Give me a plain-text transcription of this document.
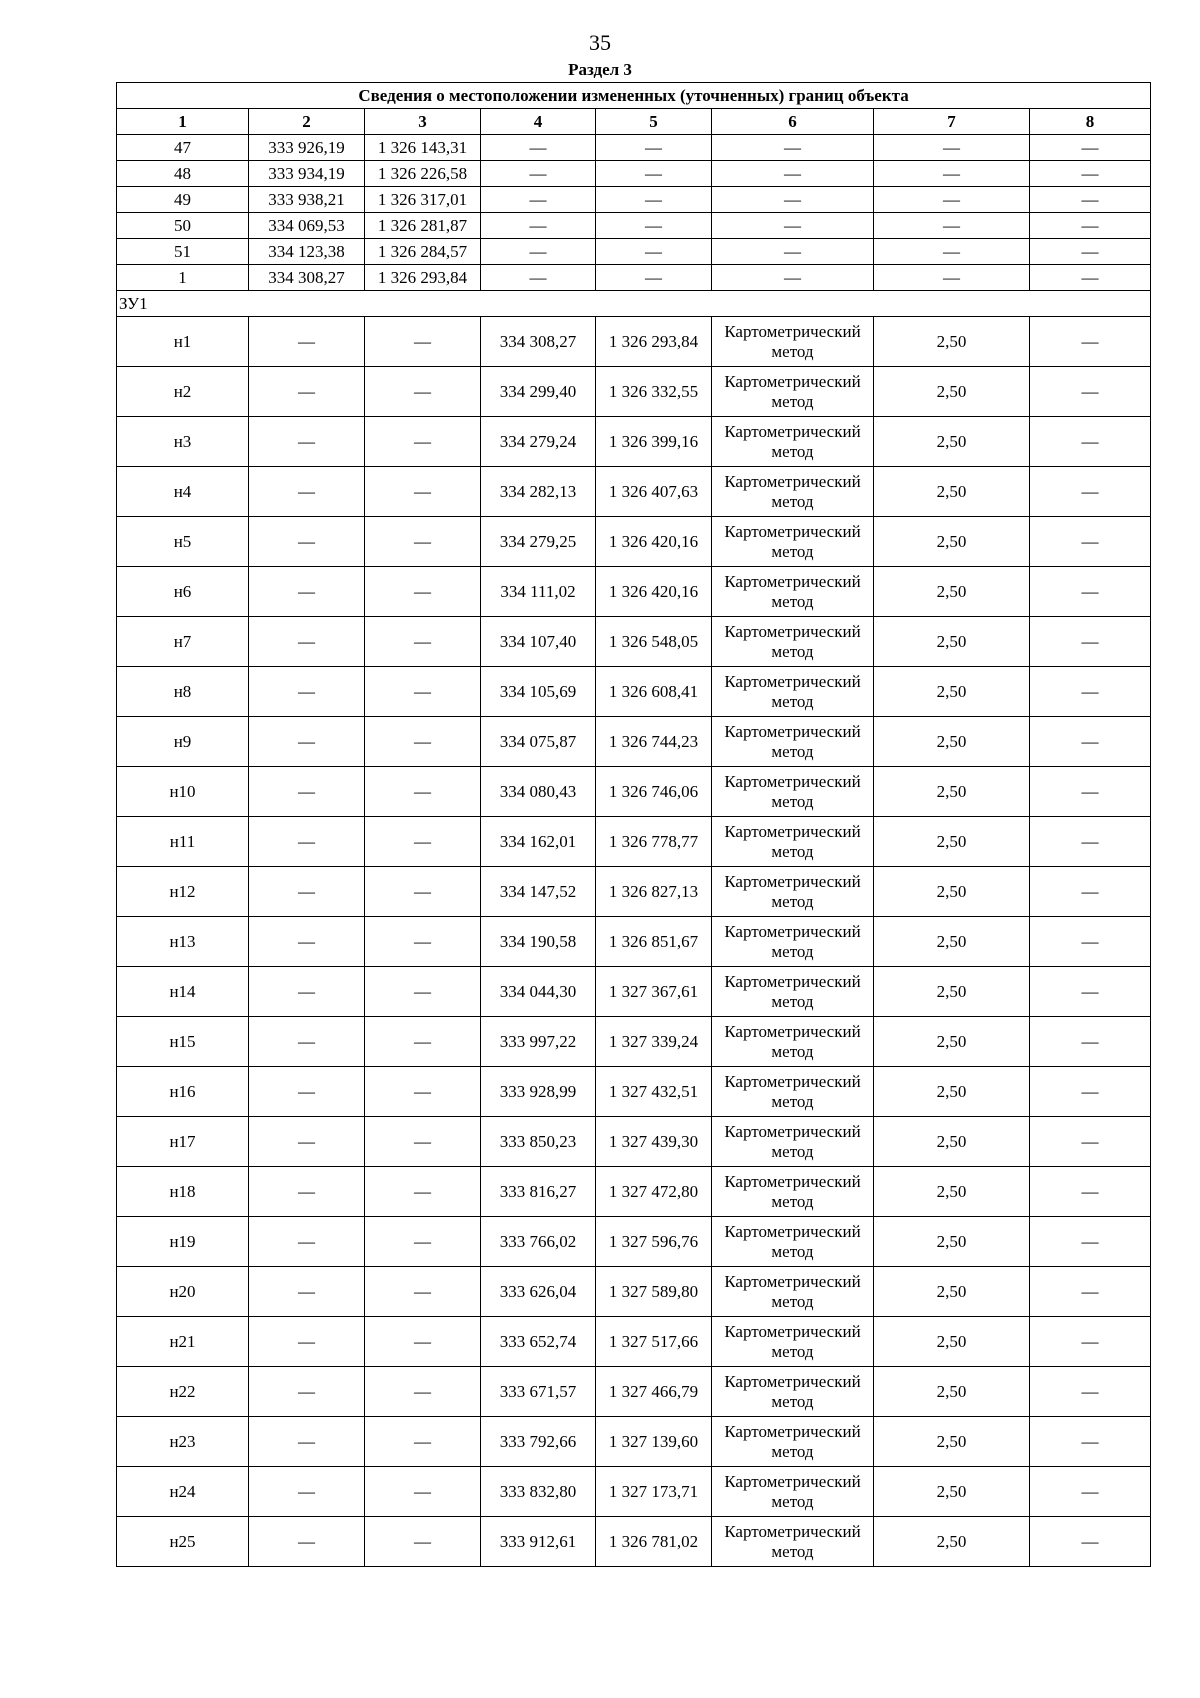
35
Раздел 3
Сведения о местоположении измененных (уточненных) границ объекта							
1	2	3	4	5	6	7	8
47	333 926,19	1 326 143,31	—	—	—	—	—
48	333 934,19	1 326 226,58	—	—	—	—	—
49	333 938,21	1 326 317,01	—	—	—	—	—
50	334 069,53	1 326 281,87	—	—	—	—	—
51	334 123,38	1 326 284,57	—	—	—	—	—
1	334 308,27	1 326 293,84	—	—	—	—	—
ЗУ1							
н1	—	—	334 308,27	1 326 293,84	Картометрический метод	2,50	—
н2	—	—	334 299,40	1 326 332,55	Картометрический метод	2,50	—
н3	—	—	334 279,24	1 326 399,16	Картометрический метод	2,50	—
н4	—	—	334 282,13	1 326 407,63	Картометрический метод	2,50	—
н5	—	—	334 279,25	1 326 420,16	Картометрический метод	2,50	—
н6	—	—	334 111,02	1 326 420,16	Картометрический метод	2,50	—
н7	—	—	334 107,40	1 326 548,05	Картометрический метод	2,50	—
н8	—	—	334 105,69	1 326 608,41	Картометрический метод	2,50	—
н9	—	—	334 075,87	1 326 744,23	Картометрический метод	2,50	—
н10	—	—	334 080,43	1 326 746,06	Картометрический метод	2,50	—
н11	—	—	334 162,01	1 326 778,77	Картометрический метод	2,50	—
н12	—	—	334 147,52	1 326 827,13	Картометрический метод	2,50	—
н13	—	—	334 190,58	1 326 851,67	Картометрический метод	2,50	—
н14	—	—	334 044,30	1 327 367,61	Картометрический метод	2,50	—
н15	—	—	333 997,22	1 327 339,24	Картометрический метод	2,50	—
н16	—	—	333 928,99	1 327 432,51	Картометрический метод	2,50	—
н17	—	—	333 850,23	1 327 439,30	Картометрический метод	2,50	—
н18	—	—	333 816,27	1 327 472,80	Картометрический метод	2,50	—
н19	—	—	333 766,02	1 327 596,76	Картометрический метод	2,50	—
н20	—	—	333 626,04	1 327 589,80	Картометрический метод	2,50	—
н21	—	—	333 652,74	1 327 517,66	Картометрический метод	2,50	—
н22	—	—	333 671,57	1 327 466,79	Картометрический метод	2,50	—
н23	—	—	333 792,66	1 327 139,60	Картометрический метод	2,50	—
н24	—	—	333 832,80	1 327 173,71	Картометрический метод	2,50	—
н25	—	—	333 912,61	1 326 781,02	Картометрический метод	2,50	—
